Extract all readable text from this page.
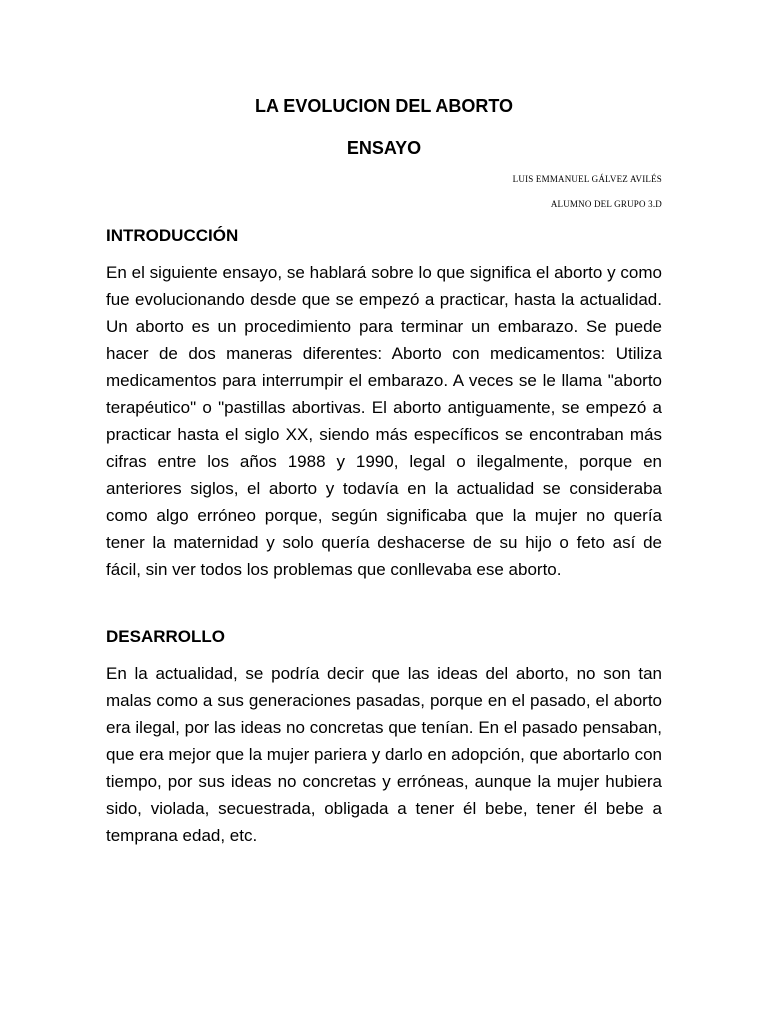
LA EVOLUCION DEL ABORTO
ENSAYO

LUIS EMMANUEL GÁLVEZ AVILÉS

ALUMNO DEL GRUPO 3.D

INTRODUCCIÓN

En el siguiente ensayo, se hablará sobre lo que significa el aborto y como fue evolucionando desde que se empezó a practicar, hasta la actualidad. Un aborto es un procedimiento para terminar un embarazo. Se puede hacer de dos maneras diferentes: Aborto con medicamentos: Utiliza medicamentos para interrumpir el embarazo. A veces se le llama "aborto terapéutico" o "pastillas abortivas. El aborto antiguamente, se empezó a practicar hasta el siglo XX, siendo más específicos se encontraban más cifras entre los años 1988 y 1990, legal o ilegalmente, porque en anteriores siglos, el aborto y todavía en la actualidad se consideraba como algo erróneo porque, según significaba que la mujer no quería tener la maternidad y solo quería deshacerse de su hijo o feto así de fácil, sin ver todos los problemas que conllevaba ese aborto.

DESARROLLO

En la actualidad, se podría decir que las ideas del aborto, no son tan malas como a sus generaciones pasadas, porque en el pasado, el aborto era ilegal, por las ideas no concretas que tenían. En el pasado pensaban, que era mejor que la mujer pariera y darlo en adopción, que abortarlo con tiempo, por sus ideas no concretas y erróneas, aunque la mujer hubiera sido, violada, secuestrada, obligada a tener él bebe, tener él bebe a temprana edad, etc.
